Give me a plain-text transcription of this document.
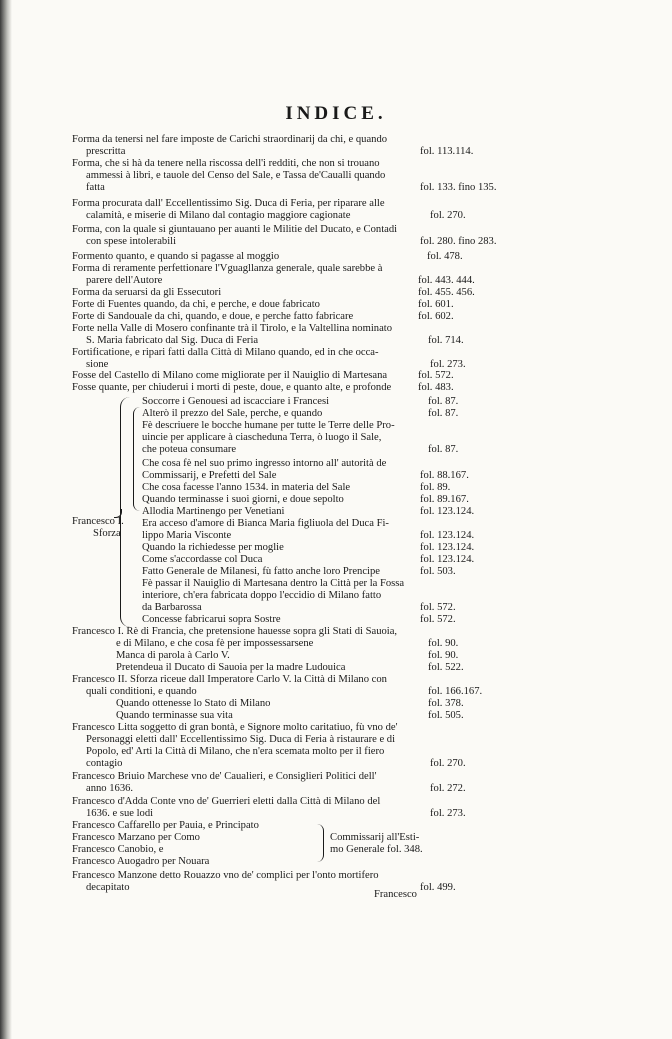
INDICE.
Forma da tenersi nel fare imposte de Carichi straordinarij da chi, e quando
prescritta	fol. 113.114.
Forma, che si hà da tenere nella riscossa dell'i redditi, che non si trouano
ammessi à libri, e tauole del Censo del Sale, e Tassa de'Caualli quando
fatta	fol. 133. fino 135.
Forma procurata dall' Eccellentissimo Sig. Duca di Feria, per riparare alle
calamità, e miserie di Milano dal contagio maggiore cagionate	fol. 270.
Forma, con la quale si giuntauano per auanti le Militie del Ducato, e Contadi
con spese intolerabili	fol. 280. fino 283.
Formento quanto, e quando si pagasse al moggio	fol. 478.
Forma di reramente perfettionare l'Vguagllanza generale, quale sarebbe à
parere dell'Autore	fol. 443. 444.
Forma da seruarsi da gli Essecutori	fol. 455. 456.
Forte di Fuentes quando, da chi, e perche, e doue fabricato	fol. 601.
Forte di Sandouale da chi, quando, e doue, e perche fatto fabricare	fol. 602.
Forte nella Valle di Mosero confinante trà il Tirolo, e la Valtellina nominato
S. Maria fabricato dal Sig. Duca di Feria	fol. 714.
Fortificatione, e ripari fatti dalla Città di Milano quando, ed in che occa-
sione	fol. 273.
Fosse del Castello di Milano come migliorate per il Nauiglio di Martesana	fol. 572.
Fosse quante, per chiuderui i morti di peste, doue, e quanto alte, e profonde	fol. 483.
Soccorre i Genouesi ad iscacciare i Francesi	fol. 87.
Alterò il prezzo del Sale, perche, e quando	fol. 87.
Fè descriuere le bocche humane per tutte le Terre delle Pro-
uincie per applicare à ciascheduna Terra, ò luogo il Sale,
che poteua consumare	fol. 87.
Che cosa fè nel suo primo ingresso intorno all' autorità de
Commissarij, e Prefetti del Sale	fol. 88.167.
Che cosa facesse l'anno 1534. in materia del Sale	fol. 89.
Quando terminasse i suoi giorni, e doue sepolto	fol. 89.167.
Allodia Martinengo per Venetiani	fol. 123.124.
Era acceso d'amore di Bianca Maria figliuola del Duca Fi-
lippo Maria Visconte	fol. 123.124.
Quando la richiedesse per moglie	fol. 123.124.
Come s'accordasse col Duca	fol. 123.124.
Fatto Generale de Milanesi, fù fatto anche loro Prencipe	fol. 503.
Fè passar il Nauiglio di Martesana dentro la Città per la Fossa
interiore, ch'era fabricata doppo l'eccidio di Milano fatto
da Barbarossa	fol. 572.
Concesse fabricarui sopra Sostre	fol. 572.
Francesco I. Rè di Francia, che pretensione hauesse sopra gli Stati di Sauoia,
e di Milano, e che cosa fè per impossessarsene	fol. 90.
Manca di parola à Carlo V.	fol. 90.
Pretendeua il Ducato di Sauoia per la madre Ludouica	fol. 522.
Francesco II. Sforza riceue dall Imperatore Carlo V. la Città di Milano con
quali conditioni, e quando	fol. 166.167.
Quando ottenesse lo Stato di Milano	fol. 378.
Quando terminasse sua vita	fol. 505.
Francesco Litta soggetto di gran bontà, e Signore molto caritatiuo, fù vno de'
Personaggi eletti dall' Eccellentissimo Sig. Duca di Feria à ristaurare e di
Popolo, ed' Arti la Città di Milano, che n'era scemata molto per il fiero
contagio	fol. 270.
Francesco Briuio Marchese vno de' Caualieri, e Consiglieri Politici dell'
anno 1636.	fol. 272.
Francesco d'Adda Conte vno de' Guerrieri eletti dalla Città di Milano del
1636. e sue lodi	fol. 273.
Francesco Caffarello per Pauia, e Principato
Francesco Marzano per Como	Commissarij all'Esti-
Francesco Canobio, e	mo Generale fol. 348.
Francesco Auogadro per Nouara
Francesco Manzone detto Rouazzo vno de' complici per l'onto mortifero
decapitato	fol. 499.
Francesco I.
Sforza
Francesco
